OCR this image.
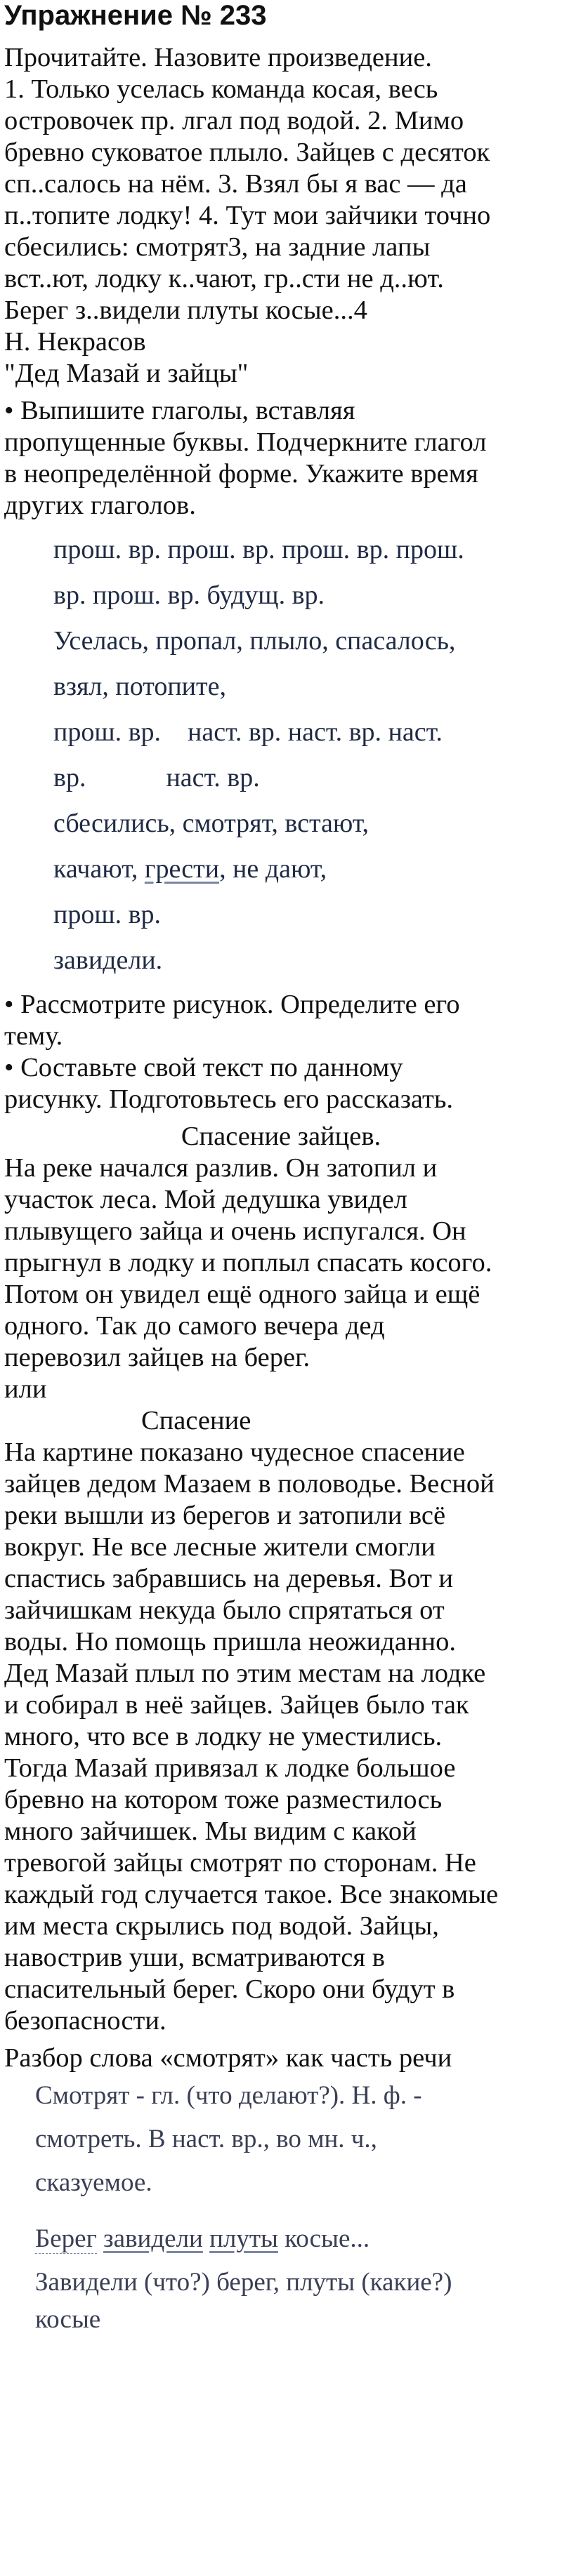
Упражнение № 233

Прочитайте. Назовите произведение.

1. Только уселась команда косая, весь

островочек пр. лгал под водой. 2. Мимо

бревно суковатое плыло. Зайцев с десяток

сп..салось на нём. 3. Взял бы я вас — да

п..топите лодку! 4. Тут мои зайчики точно

сбесились: смотрят3, на задние лапы

вст..ют, лодку к..чают, гр..сти не д..ют.

Берег з..видели плуты косые...4

Н. Некрасов

"Дед Мазай и зайцы"

• Выпишите глаголы, вставляя

пропущенные буквы. Подчеркните глагол

в неопределённой форме. Укажите время

других глаголов.

прош. вр. прош. вр. прош. вр. прош.

вр. прош. вр. будущ. вр.

Уселась, пропал, плыло, спасалось,

взял, потопите,

прош. вр.    наст. вр. наст. вр. наст.

вр.            наст. вр.

сбесились, смотрят, встают,

качают, грести, не дают,

прош. вр.

завидели.

• Рассмотрите рисунок. Определите его

тему.

• Составьте свой текст по данному

рисунку. Подготовьтесь его рассказать.

Спасение зайцев.

На реке начался разлив. Он затопил и

участок леса. Мой дедушка увидел

плывущего зайца и очень испугался. Он

прыгнул в лодку и поплыл спасать косого.

Потом он увидел ещё одного зайца и ещё

одного. Так до самого вечера дед

перевозил зайцев на берег.

или

Спасение

На картине показано чудесное спасение

зайцев дедом Мазаем в половодье. Весной

реки вышли из берегов и затопили всё

вокруг. Не все лесные жители смогли

спастись забравшись на деревья. Вот и

зайчишкам некуда было спрятаться от

воды. Но помощь пришла неожиданно.

Дед Мазай плыл по этим местам на лодке

и собирал в неё зайцев. Зайцев было так

много, что все в лодку не уместились.

Тогда Мазай привязал к лодке большое

бревно на котором тоже разместилось

много зайчишек. Мы видим с какой

тревогой зайцы смотрят по сторонам. Не

каждый год случается такое. Все знакомые

им места скрылись под водой. Зайцы,

навострив уши, всматриваются в

спасительный берег. Скоро они будут в

безопасности.

Разбор слова «смотрят» как часть речи

Смотрят - гл. (что делают?). Н. ф. -

смотреть. В наст. вр., во мн. ч.,

сказуемое.

Берег завидели плуты косые...

Завидели (что?) берег, плуты (какие?)

косые
